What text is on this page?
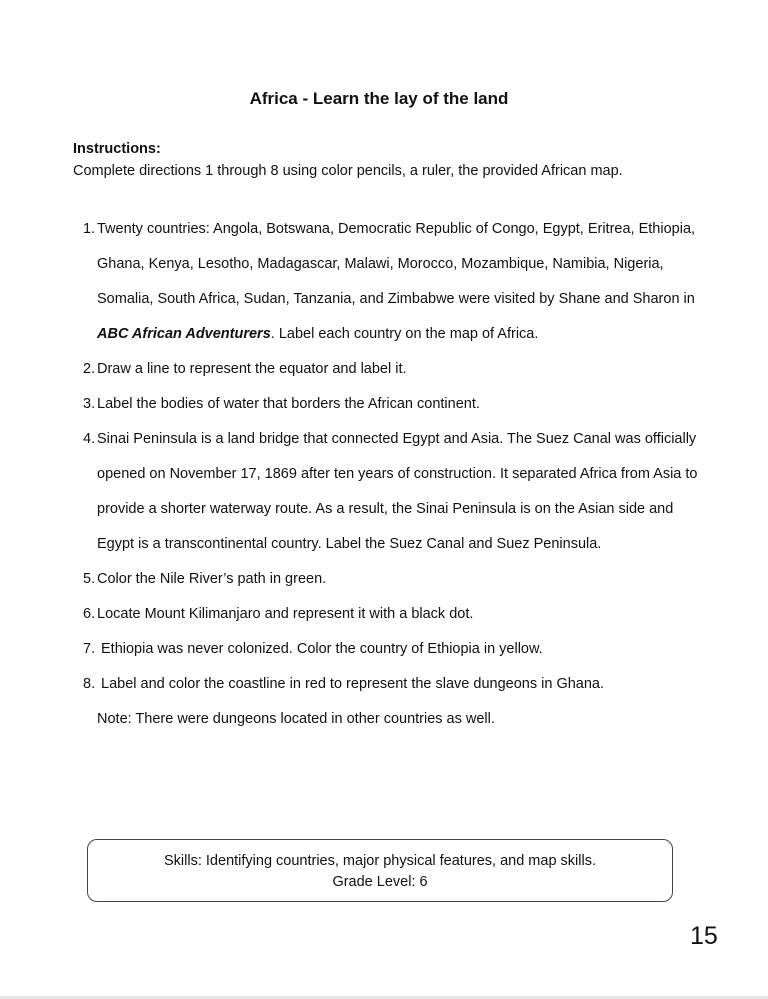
Africa - Learn the lay of the land
Instructions:
Complete directions 1 through 8 using color pencils, a ruler, the provided African map.
1. Twenty countries: Angola, Botswana, Democratic Republic of Congo, Egypt, Eritrea, Ethiopia, Ghana, Kenya, Lesotho, Madagascar, Malawi, Morocco, Mozambique, Namibia, Nigeria, Somalia, South Africa, Sudan, Tanzania, and Zimbabwe were visited by Shane and Sharon in ABC African Adventurers. Label each country on the map of Africa.
2. Draw a line to represent the equator and label it.
3. Label the bodies of water that borders the African continent.
4. Sinai Peninsula is a land bridge that connected Egypt and Asia. The Suez Canal was officially opened on November 17, 1869 after ten years of construction. It separated Africa from Asia to provide a shorter waterway route. As a result, the Sinai Peninsula is on the Asian side and Egypt is a transcontinental country. Label the Suez Canal and Suez Peninsula.
5. Color the Nile River’s path in green.
6. Locate Mount Kilimanjaro and represent it with a black dot.
7. Ethiopia was never colonized. Color the country of Ethiopia in yellow.
8. Label and color the coastline in red to represent the slave dungeons in Ghana.
Note: There were dungeons located in other countries as well.
Skills: Identifying countries, major physical features, and map skills.
Grade Level: 6
15
